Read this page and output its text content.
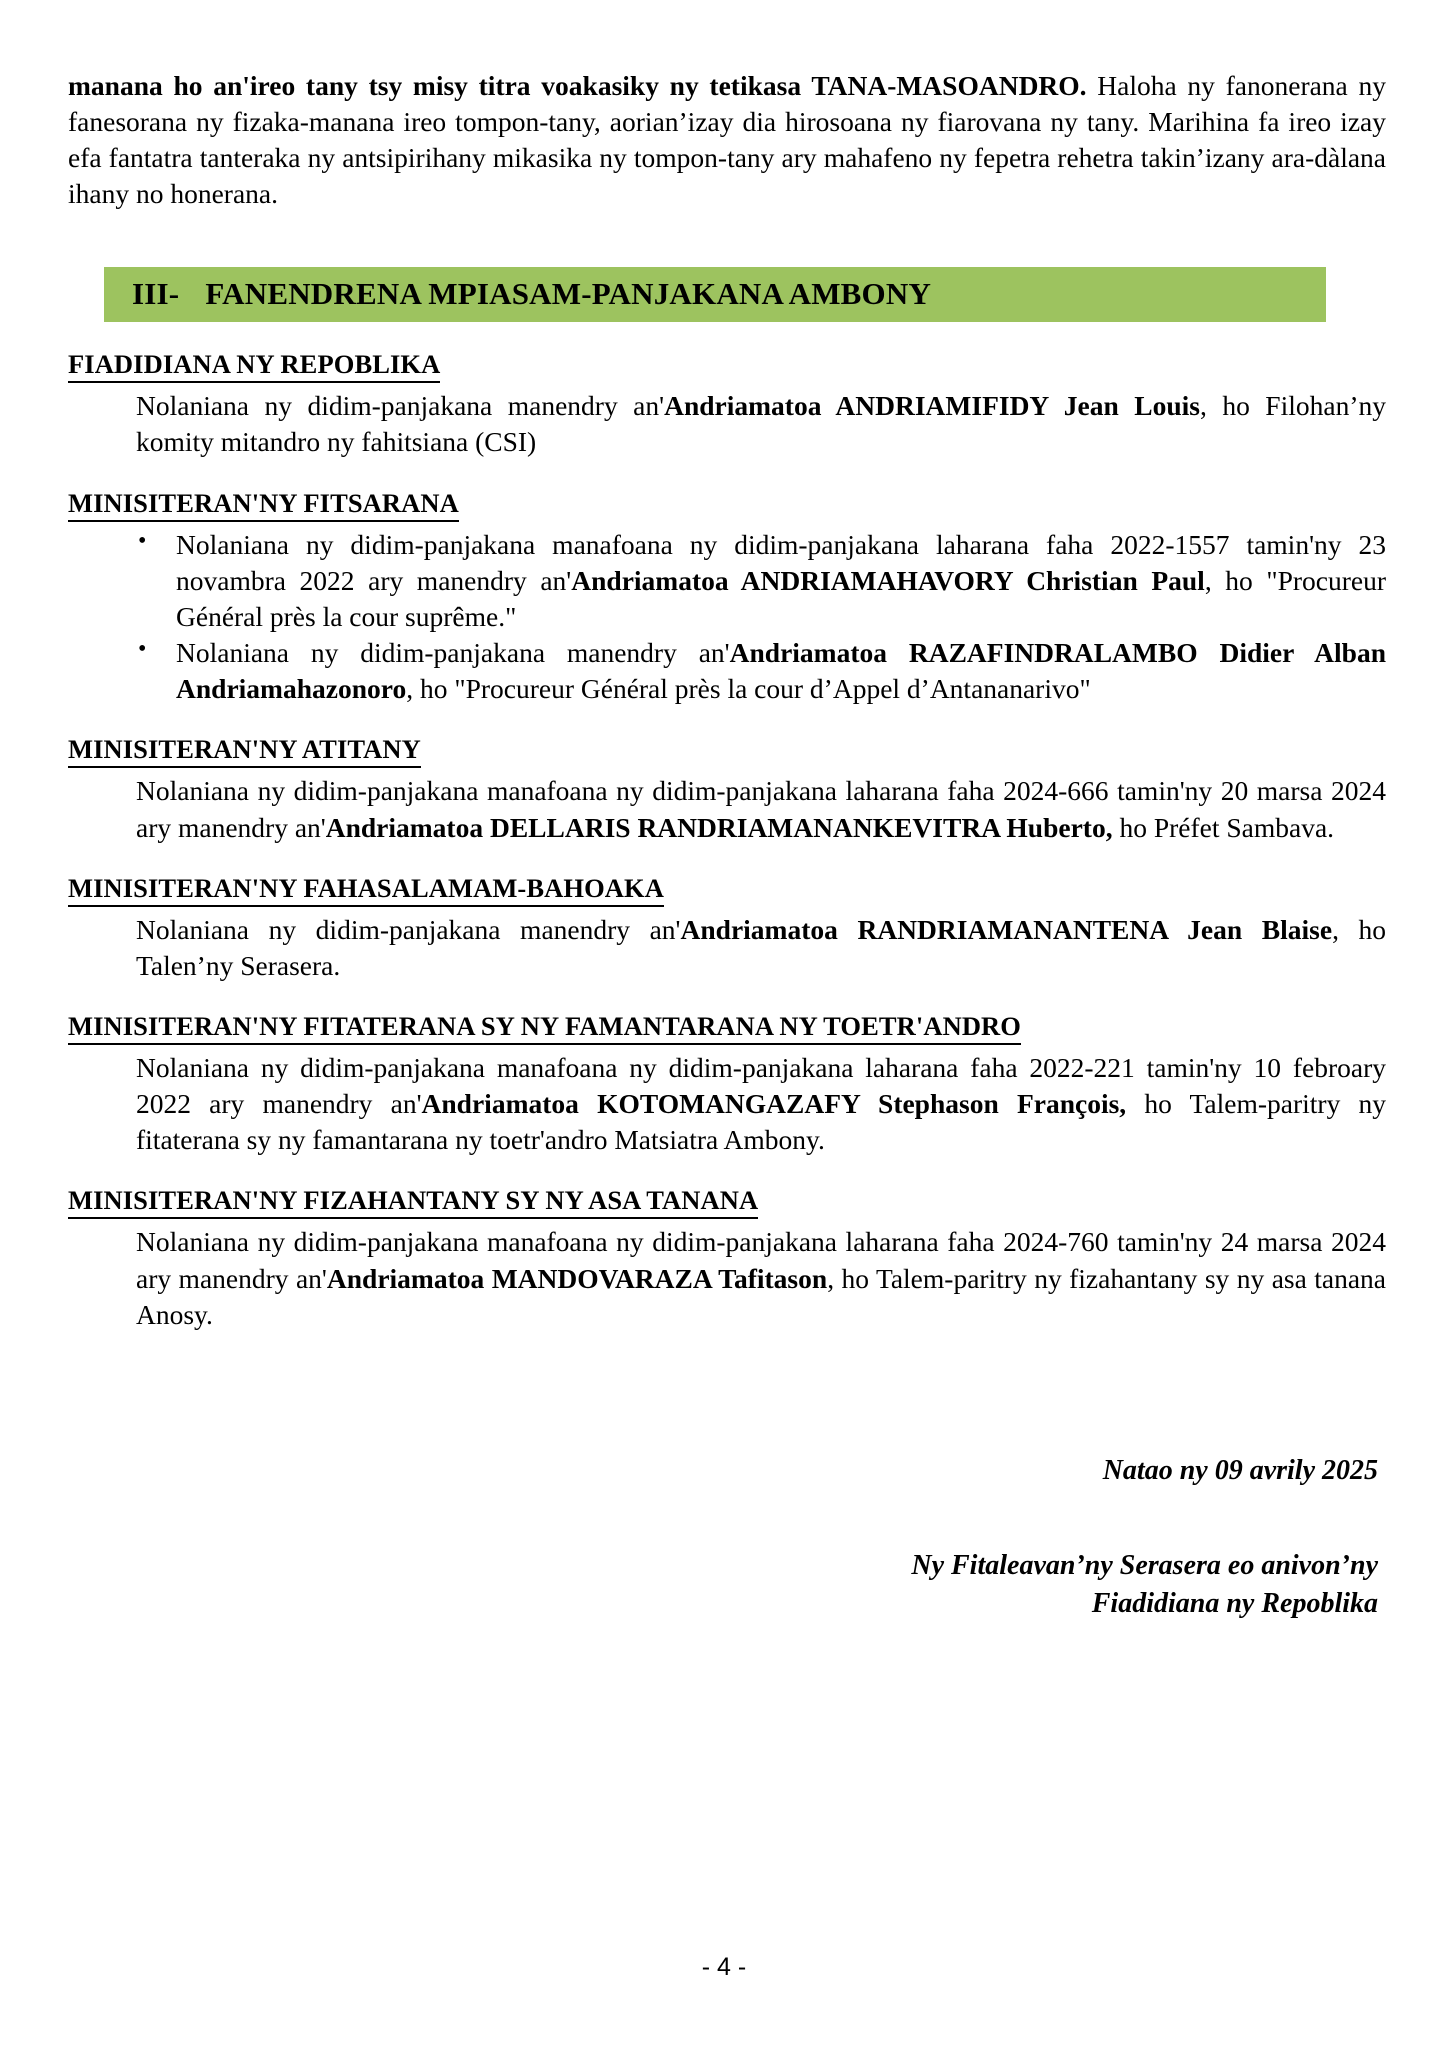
manana ho an'ireo tany tsy misy titra voakasiky ny tetikasa TANA-MASOANDRO. Haloha ny fanonerana ny fanesorana ny fizaka-manana ireo tompon-tany, aorian’izay dia hirosoana ny fiarovana ny tany. Marihina fa ireo izay efa fantatra tanteraka ny antsipirihany mikasika ny tompon-tany ary mahafeno ny fepetra rehetra takin’izany ara-dàlana ihany no honerana.

III- FANENDRENA MPIASAM-PANJAKANA AMBONY
FIADIDIANA NY REPOBLIKA

Nolaniana ny didim-panjakana manendry an'Andriamatoa ANDRIAMIFIDY Jean Louis, ho Filohan’ny komity mitandro ny fahitsiana (CSI)

MINISITERAN'NY FITSARANA
• Nolaniana ny didim-panjakana manafoana ny didim-panjakana laharana faha 2022-1557 tamin'ny 23 novambra 2022 ary manendry an'Andriamatoa ANDRIAMAHAVORY Christian Paul, ho "Procureur Général près la cour suprême."
• Nolaniana ny didim-panjakana manendry an'Andriamatoa RAZAFINDRALAMBO Didier Alban Andriamahazonoro, ho "Procureur Général près la cour d’Appel d’Antananarivo"
MINISITERAN'NY ATITANY

Nolaniana ny didim-panjakana manafoana ny didim-panjakana laharana faha 2024-666 tamin'ny 20 marsa 2024 ary manendry an'Andriamatoa DELLARIS RANDRIAMANANKEVITRA Huberto, ho Préfet Sambava.

MINISITERAN'NY FAHASALAMAM-BAHOAKA

Nolaniana ny didim-panjakana manendry an'Andriamatoa RANDRIAMANANTENA Jean Blaise, ho Talen’ny Serasera.

MINISITERAN'NY FITATERANA SY NY FAMANTARANA NY TOETR'ANDRO

Nolaniana ny didim-panjakana manafoana ny didim-panjakana laharana faha 2022-221 tamin'ny 10 febroary 2022 ary manendry an'Andriamatoa KOTOMANGAZAFY Stephason François, ho Talem-paritry ny fitaterana sy ny famantarana ny toetr'andro Matsiatra Ambony.

MINISITERAN'NY FIZAHANTANY SY NY ASA TANANA

Nolaniana ny didim-panjakana manafoana ny didim-panjakana laharana faha 2024-760 tamin'ny 24 marsa 2024 ary manendry an'Andriamatoa MANDOVARAZA Tafitason, ho Talem-paritry ny fizahantany sy ny asa tanana Anosy.

Natao ny 09 avrily 2025
Ny Fitaleavan’ny Serasera eo anivon’ny
Fiadidiana ny Repoblika
- 4 -
